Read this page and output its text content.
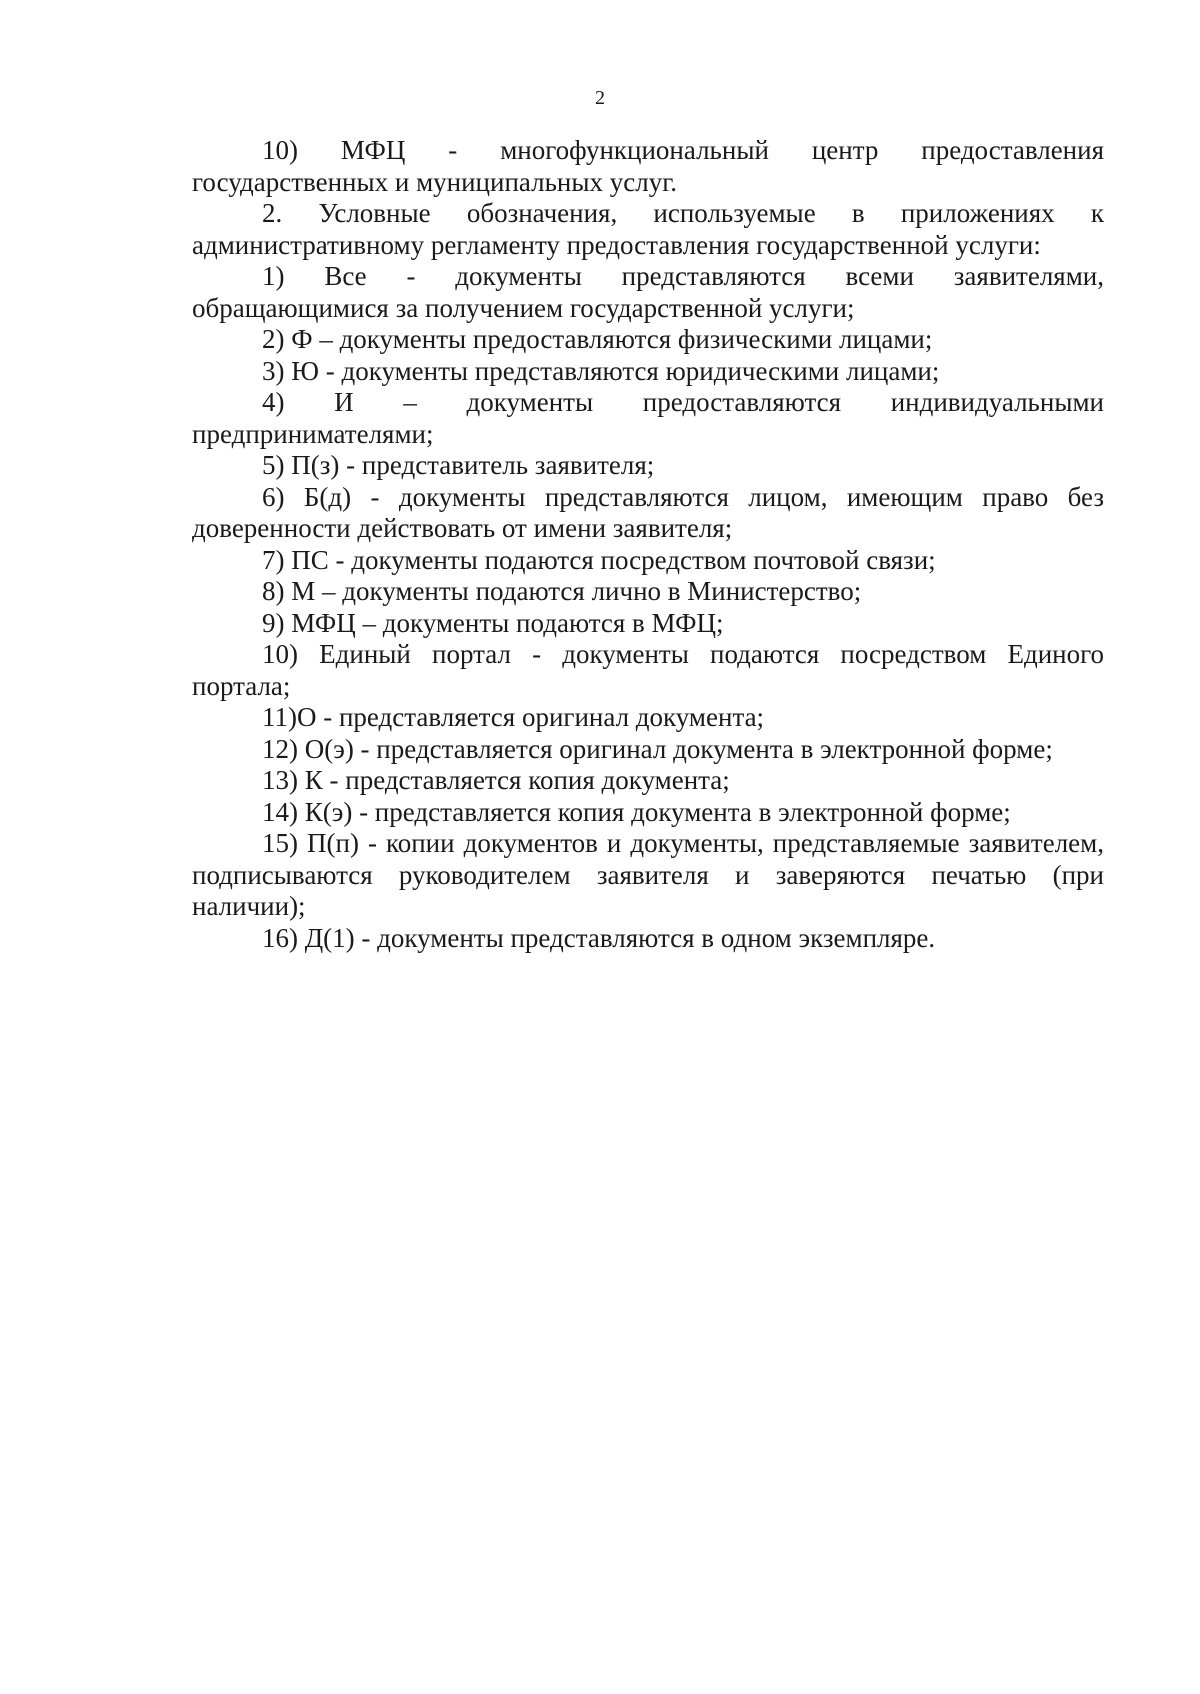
2

10) МФЦ - многофункциональный центр предоставления государственных и муниципальных услуг.

2. Условные обозначения, используемые в приложениях к административному регламенту предоставления государственной услуги:

1) Все - документы представляются всеми заявителями, обращающимися за получением государственной услуги;

2) Ф – документы предоставляются физическими лицами;

3) Ю - документы представляются юридическими лицами;

4) И – документы предоставляются индивидуальными предпринимателями;

5) П(з) - представитель заявителя;

6) Б(д) - документы представляются лицом, имеющим право без доверенности действовать от имени заявителя;

7) ПС - документы подаются посредством почтовой связи;

8) М – документы подаются лично в Министерство;

9) МФЦ – документы подаются в МФЦ;

10) Единый портал - документы подаются посредством Единого портала;

11)О - представляется оригинал документа;

12) О(э) - представляется оригинал документа в электронной форме;

13) К - представляется копия документа;

14) К(э) - представляется копия документа в электронной форме;

15) П(п) - копии документов и документы, представляемые заявителем, подписываются руководителем заявителя и заверяются печатью (при наличии);

16) Д(1) - документы представляются в одном экземпляре.
